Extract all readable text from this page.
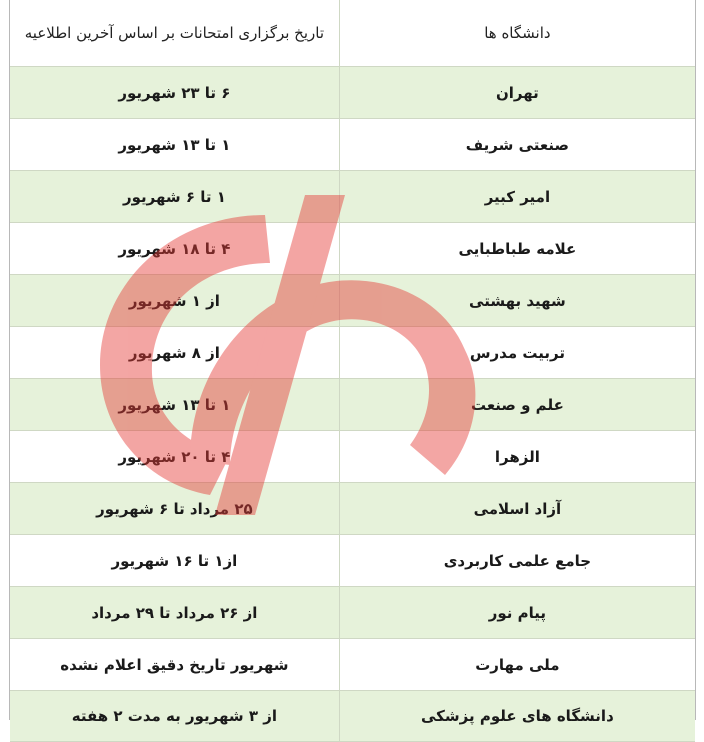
دانشگاه ها	تاریخ برگزاری امتحانات بر اساس آخرین اطلاعیه
تهران	۶ تا ۲۳ شهریور
صنعتی شریف	۱ تا ۱۳ شهریور
امیر کبیر	۱ تا ۶ شهریور
علامه طباطبایی	۴ تا ۱۸ شهریور
شهید بهشتی	از ۱ شهریور
تربیت مدرس	از ۸ شهریور
علم و صنعت	۱ تا ۱۳ شهریور
الزهرا	۴ تا ۲۰ شهریور
آزاد اسلامی	۲۵ مرداد تا ۶ شهریور
جامع علمی کاربردی	از۱ تا ۱۶ شهریور
پیام نور	از ۲۶ مرداد تا ۲۹ مرداد
ملی مهارت	شهریور تاریخ دقیق اعلام نشده
دانشگاه های علوم پزشکی	از ۳ شهریور به مدت ۲ هفته
